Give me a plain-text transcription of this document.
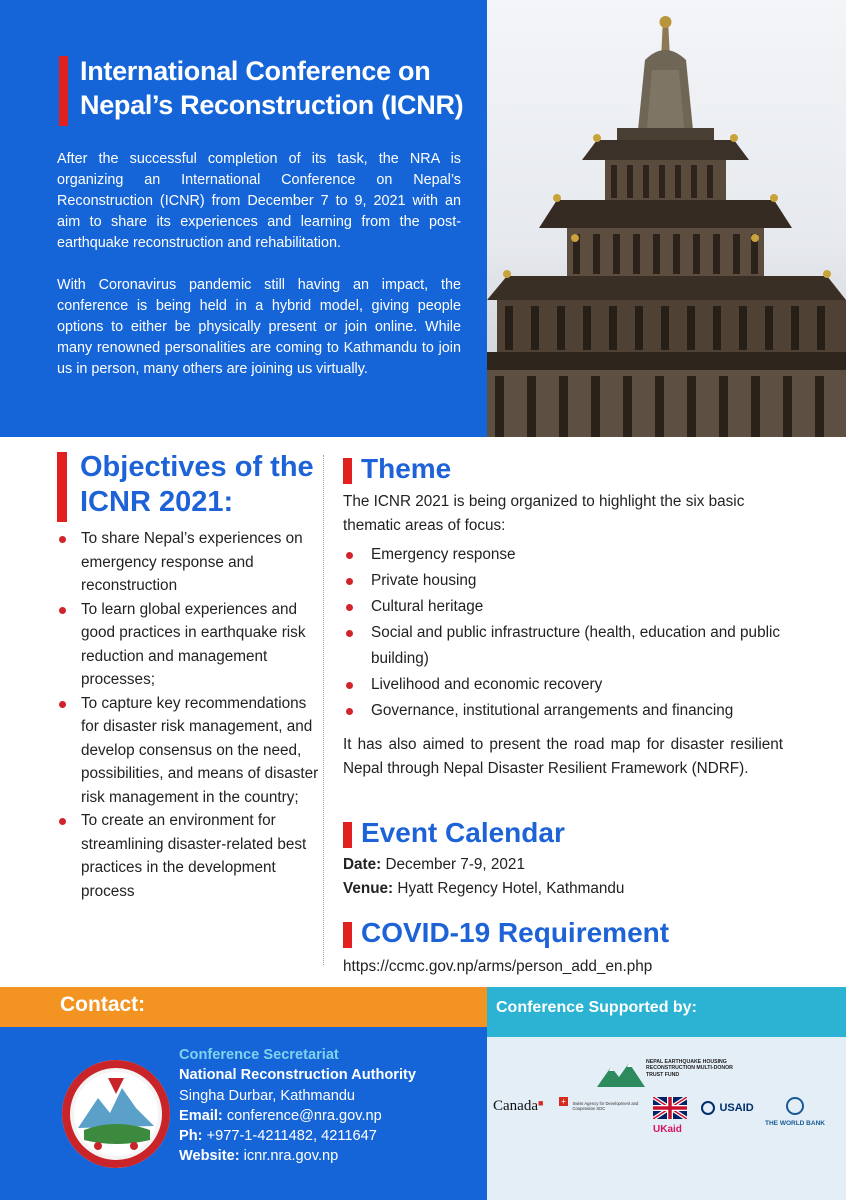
International Conference on
Nepal’s Reconstruction (ICNR)

After the successful completion of its task, the NRA is organizing an International Conference on Nepal’s Reconstruction (ICNR) from December 7 to 9, 2021 with an aim to share its experiences and learning from the post-earthquake reconstruction and rehabilitation.

With Coronavirus pandemic still having an impact, the conference is being held in a hybrid model, giving people options to either be physically present or join online. While many renowned personalities are coming to Kathmandu to join us in person, many others are joining us virtually.

Objectives of the
ICNR 2021:
To share Nepal’s experiences on emergency response and reconstruction
To learn global experiences and good practices in earthquake risk reduction and management processes;
To capture key recommendations for disaster risk management, and develop consensus on the need, possibilities, and means of disaster risk management in the country;
To create an environment for streamlining disaster-related best practices in the development process
Theme

The ICNR 2021 is being organized to highlight the six basic thematic areas of focus:

Emergency response
Private housing
Cultural heritage
Social and public infrastructure (health, education and public building)
Livelihood and economic recovery
Governance, institutional arrangements and financing

It has also aimed to present the road map for disaster resilient Nepal through Nepal Disaster Resilient Framework (NDRF).

Event Calendar
Date: December 7-9, 2021
Venue: Hyatt Regency Hotel, Kathmandu
COVID-19 Requirement
https://ccmc.gov.np/arms/person_add_en.php
Contact:	Conference Supported by:
Conference Secretariat
National Reconstruction Authority
Singha Durbar, Kathmandu
Email: conference@nra.gov.np
Ph: +977-1-4211482, 4211647
Website: icnr.nra.gov.np
NEPAL EARTHQUAKE HOUSING RECONSTRUCTION MULTI-DONOR TRUST FUND
Canada■ + Swiss Agency for Development and Cooperation SDC
UKaid
USAID
THE WORLD BANK
